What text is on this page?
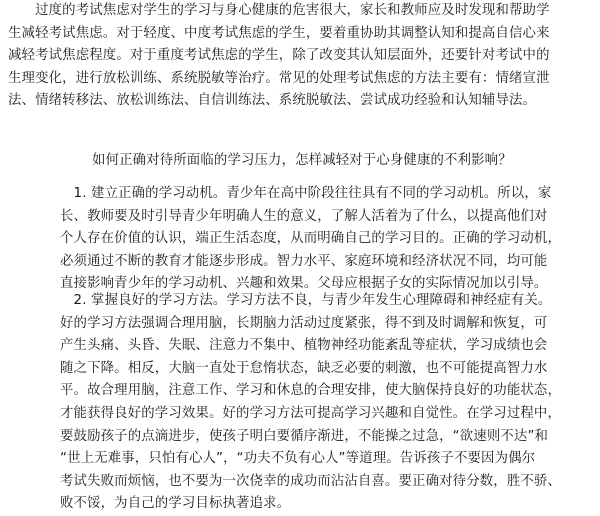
　　过度的考试焦虑对学生的学习与身心健康的危害很大，家长和教师应及时发现和帮助学
生减轻考试焦虑。对于轻度、中度考试焦虑的学生，要着重协助其调整认知和提高自信心来
减轻考试焦虑程度。对于重度考试焦虑的学生，除了改变其认知层面外，还要针对考试中的
生理变化，进行放松训练、系统脱敏等治疗。常见的处理考试焦虑的方法主要有：情绪宣泄
法、情绪转移法、放松训练法、自信训练法、系统脱敏法、尝试成功经验和认知辅导法。
如何正确对待所面临的学习压力，怎样减轻对于心身健康的不利影响？
　1. 建立正确的学习动机。青少年在高中阶段往往具有不同的学习动机。所以，家
长、教师要及时引导青少年明确人生的意义，了解人活着为了什么，以提高他们对
个人存在价值的认识，端正生活态度，从而明确自己的学习目的。正确的学习动机，
必须通过不断的教育才能逐步形成。智力水平、家庭环境和经济状况不同，均可能
直接影响青少年的学习动机、兴趣和效果。父母应根据子女的实际情况加以引导。
　2. 掌握良好的学习方法。学习方法不良，与青少年发生心理障碍和神经症有关。
好的学习方法强调合理用脑，长期脑力活动过度紧张，得不到及时调解和恢复，可
产生头痛、头昏、失眠、注意力不集中、植物神经功能紊乱等症状，学习成绩也会
随之下降。相反，大脑一直处于怠惰状态，缺乏必要的刺激，也不可能提高智力水
平。故合理用脑，注意工作、学习和休息的合理安排，使大脑保持良好的功能状态，
才能获得良好的学习效果。好的学习方法可提高学习兴趣和自觉性。在学习过程中，
要鼓励孩子的点滴进步，使孩子明白要循序渐进，不能操之过急，“欲速则不达”和
“世上无难事，只怕有心人”，“功夫不负有心人”等道理。告诉孩子不要因为偶尔
考试失败而烦恼，也不要为一次侥幸的成功而沾沾自喜。要正确对待分数，胜不骄、
败不馁，为自己的学习目标执著追求。
